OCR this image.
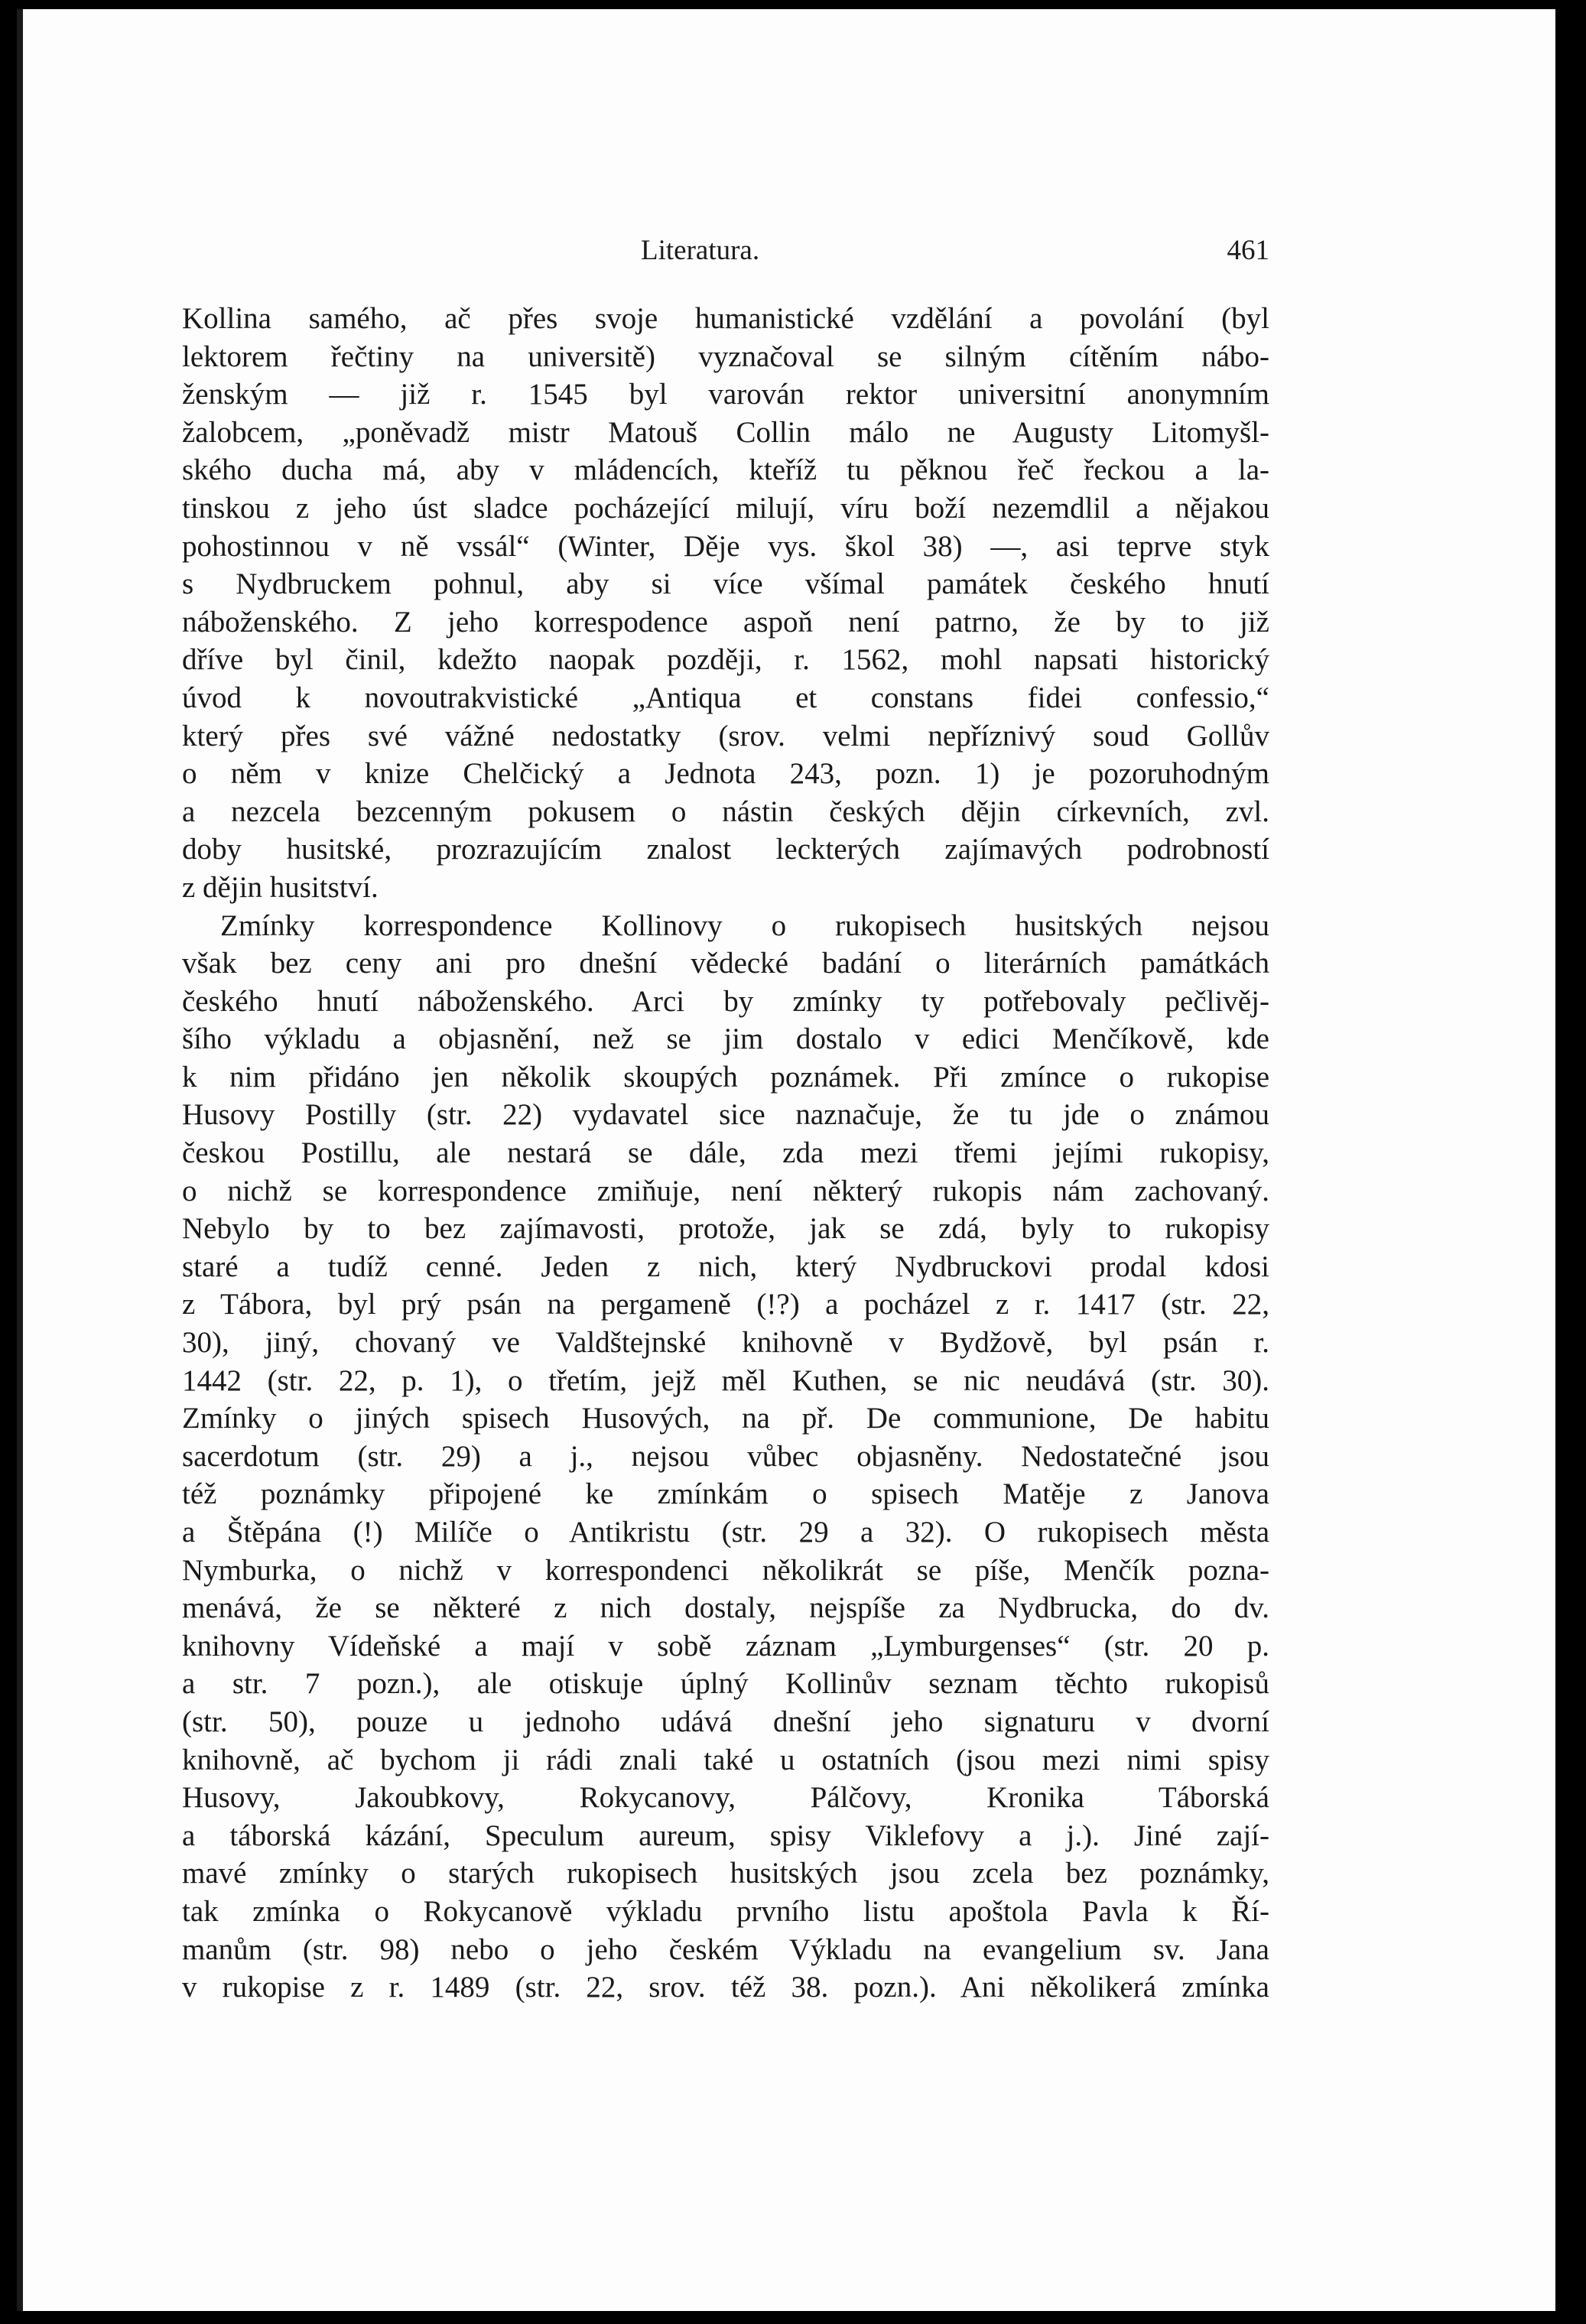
Literatura.	461
Kollina samého, ač přes svoje humanistické vzdělání a povolání (byl
lektorem řečtiny na universitě) vyznačoval se silným cítěním nábo-
ženským — již r. 1545 byl varován rektor universitní anonymním
žalobcem, „poněvadž mistr Matouš Collin málo ne Augusty Litomyšl-
ského ducha má, aby v mládencích, kteříž tu pěknou řeč řeckou a la-
tinskou z jeho úst sladce pocházející milují, víru boží nezemdlil a nějakou
pohostinnou v ně vssál“ (Winter, Děje vys. škol 38) —, asi teprve styk
s Nydbruckem pohnul, aby si více všímal památek českého hnutí
náboženského. Z jeho korrespodence aspoň není patrno, že by to již
dříve byl činil, kdežto naopak později, r. 1562, mohl napsati historický
úvod k novoutrakvistické „Antiqua et constans fidei confessio,“
který přes své vážné nedostatky (srov. velmi nepříznivý soud Gollův
o něm v knize Chelčický a Jednota 243, pozn. 1) je pozoruhodným
a nezcela bezcenným pokusem o nástin českých dějin církevních, zvl.
doby husitské, prozrazujícím znalost leckterých zajímavých podrobností
z dějin husitství.
Zmínky korrespondence Kollinovy o rukopisech husitských nejsou
však bez ceny ani pro dnešní vědecké badání o literárních památkách
českého hnutí náboženského. Arci by zmínky ty potřebovaly pečlivěj-
šího výkladu a objasnění, než se jim dostalo v edici Menčíkově, kde
k nim přidáno jen několik skoupých poznámek. Při zmínce o rukopise
Husovy Postilly (str. 22) vydavatel sice naznačuje, že tu jde o známou
českou Postillu, ale nestará se dále, zda mezi třemi jejími rukopisy,
o nichž se korrespondence zmiňuje, není některý rukopis nám zachovaný.
Nebylo by to bez zajímavosti, protože, jak se zdá, byly to rukopisy
staré a tudíž cenné. Jeden z nich, který Nydbruckovi prodal kdosi
z Tábora, byl prý psán na pergameně (!?) a pocházel z r. 1417 (str. 22,
30), jiný, chovaný ve Valdštejnské knihovně v Bydžově, byl psán r.
1442 (str. 22, p. 1), o třetím, jejž měl Kuthen, se nic neudává (str. 30).
Zmínky o jiných spisech Husových, na př. De communione, De habitu
sacerdotum (str. 29) a j., nejsou vůbec objasněny. Nedostatečné jsou
též poznámky připojené ke zmínkám o spisech Matěje z Janova
a Štěpána (!) Milíče o Antikristu (str. 29 a 32). O rukopisech města
Nymburka, o nichž v korrespondenci několikrát se píše, Menčík pozna-
menává, že se některé z nich dostaly, nejspíše za Nydbrucka, do dv.
knihovny Vídeňské a mají v sobě záznam „Lymburgenses“ (str. 20 p.
a str. 7 pozn.), ale otiskuje úplný Kollinův seznam těchto rukopisů
(str. 50), pouze u jednoho udává dnešní jeho signaturu v dvorní
knihovně, ač bychom ji rádi znali také u ostatních (jsou mezi nimi spisy
Husovy, Jakoubkovy, Rokycanovy, Pálčovy, Kronika Táborská
a táborská kázání, Speculum aureum, spisy Viklefovy a j.). Jiné zají-
mavé zmínky o starých rukopisech husitských jsou zcela bez poznámky,
tak zmínka o Rokycanově výkladu prvního listu apoštola Pavla k Ří-
manům (str. 98) nebo o jeho českém Výkladu na evangelium sv. Jana
v rukopise z r. 1489 (str. 22, srov. též 38. pozn.). Ani několikerá zmínka
